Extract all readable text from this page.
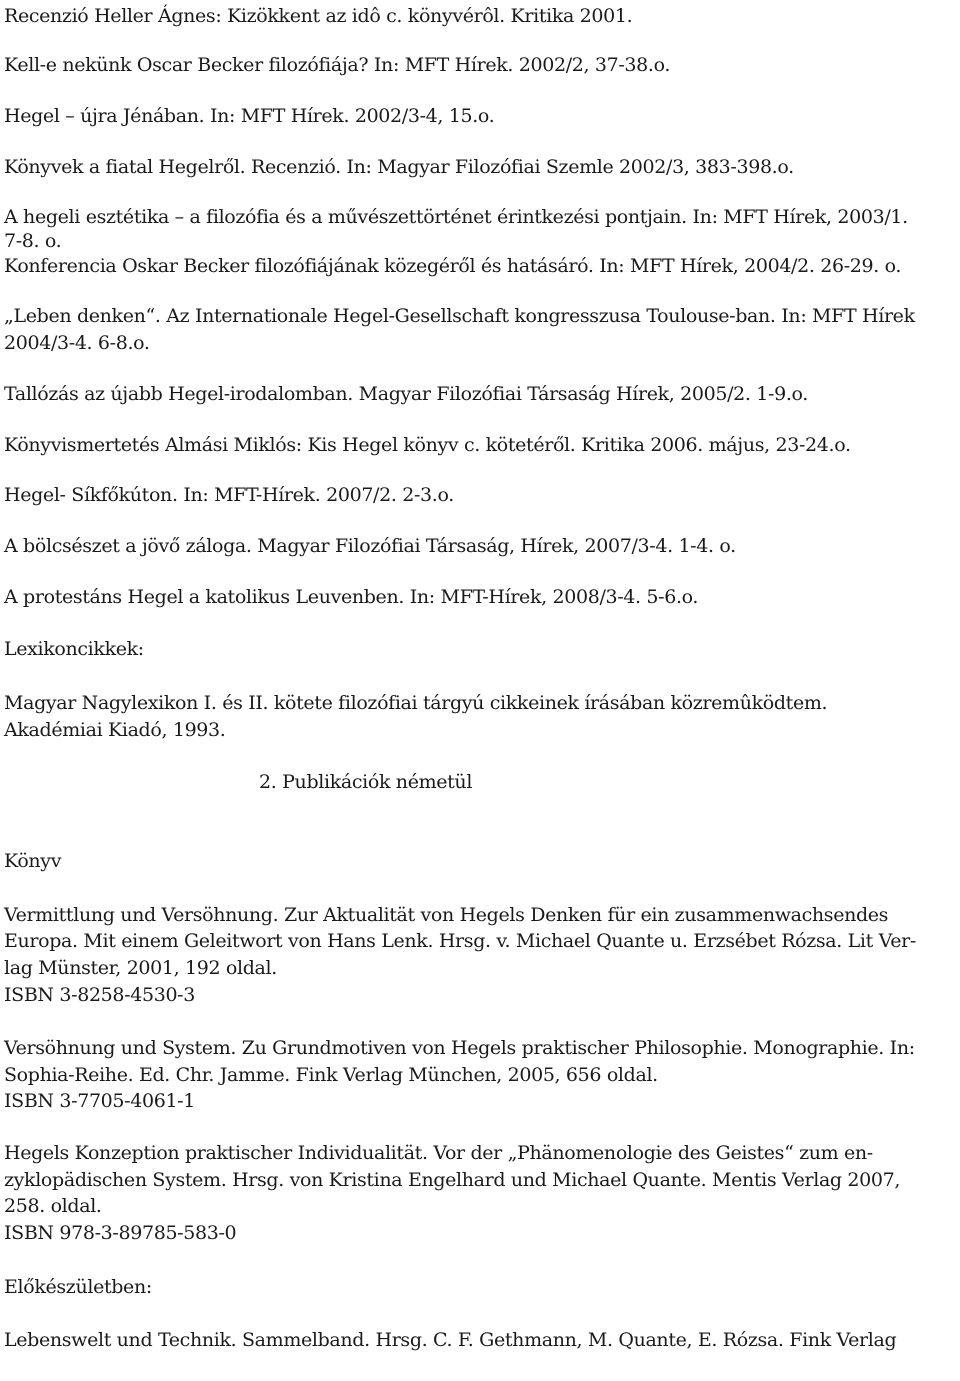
Recenzió Heller Ágnes: Kizökkent az idô c. könyvérôl. Kritika 2001.
Kell-e nekünk Oscar Becker filozófiája? In: MFT Hírek. 2002/2, 37-38.o.
Hegel – újra Jénában. In: MFT Hírek. 2002/3-4, 15.o.
Könyvek a fiatal Hegelről. Recenzió. In: Magyar Filozófiai Szemle 2002/3, 383-398.o.
A hegeli esztétika – a filozófia és a művészettörténet érintkezési pontjain. In: MFT Hírek, 2003/1.
7-8. o.
Konferencia Oskar Becker filozófiájának közegéről és hatásáró. In: MFT Hírek, 2004/2. 26-29. o.
„Leben denken“. Az Internationale Hegel-Gesellschaft kongresszusa Toulouse-ban. In: MFT Hírek
2004/3-4. 6-8.o.
Tallózás az újabb Hegel-irodalomban. Magyar Filozófiai Társaság Hírek, 2005/2. 1-9.o.
Könyvismertetés Almási Miklós: Kis Hegel könyv c. kötetéről. Kritika 2006. május, 23-24.o.
Hegel- Síkfőkúton. In: MFT-Hírek. 2007/2. 2-3.o.
A bölcsészet a jövő záloga. Magyar Filozófiai Társaság, Hírek, 2007/3-4. 1-4. o.
A protestáns Hegel a katolikus Leuvenben. In: MFT-Hírek, 2008/3-4. 5-6.o.
Lexikoncikkek:
Magyar Nagylexikon I. és II. kötete filozófiai tárgyú cikkeinek írásában közremûködtem.
Akadémiai Kiadó, 1993.
2. Publikációk németül
Könyv
Vermittlung und Versöhnung. Zur Aktualität von Hegels Denken für ein zusammenwachsendes
Europa. Mit einem Geleitwort von Hans Lenk. Hrsg. v. Michael Quante u. Erzsébet Rózsa. Lit Ver-
lag Münster, 2001, 192 oldal.
ISBN 3-8258-4530-3
Versöhnung und System. Zu Grundmotiven von Hegels praktischer Philosophie. Monographie. In:
Sophia-Reihe. Ed. Chr. Jamme. Fink Verlag München, 2005, 656 oldal.
ISBN 3-7705-4061-1
Hegels Konzeption praktischer Individualität. Vor der „Phänomenologie des Geistes“ zum en-
zyklopädischen System. Hrsg. von Kristina Engelhard und Michael Quante. Mentis Verlag 2007,
258. oldal.
ISBN 978-3-89785-583-0
Előkészületben:
Lebenswelt und Technik. Sammelband. Hrsg. C. F. Gethmann, M. Quante, E. Rózsa. Fink Verlag
